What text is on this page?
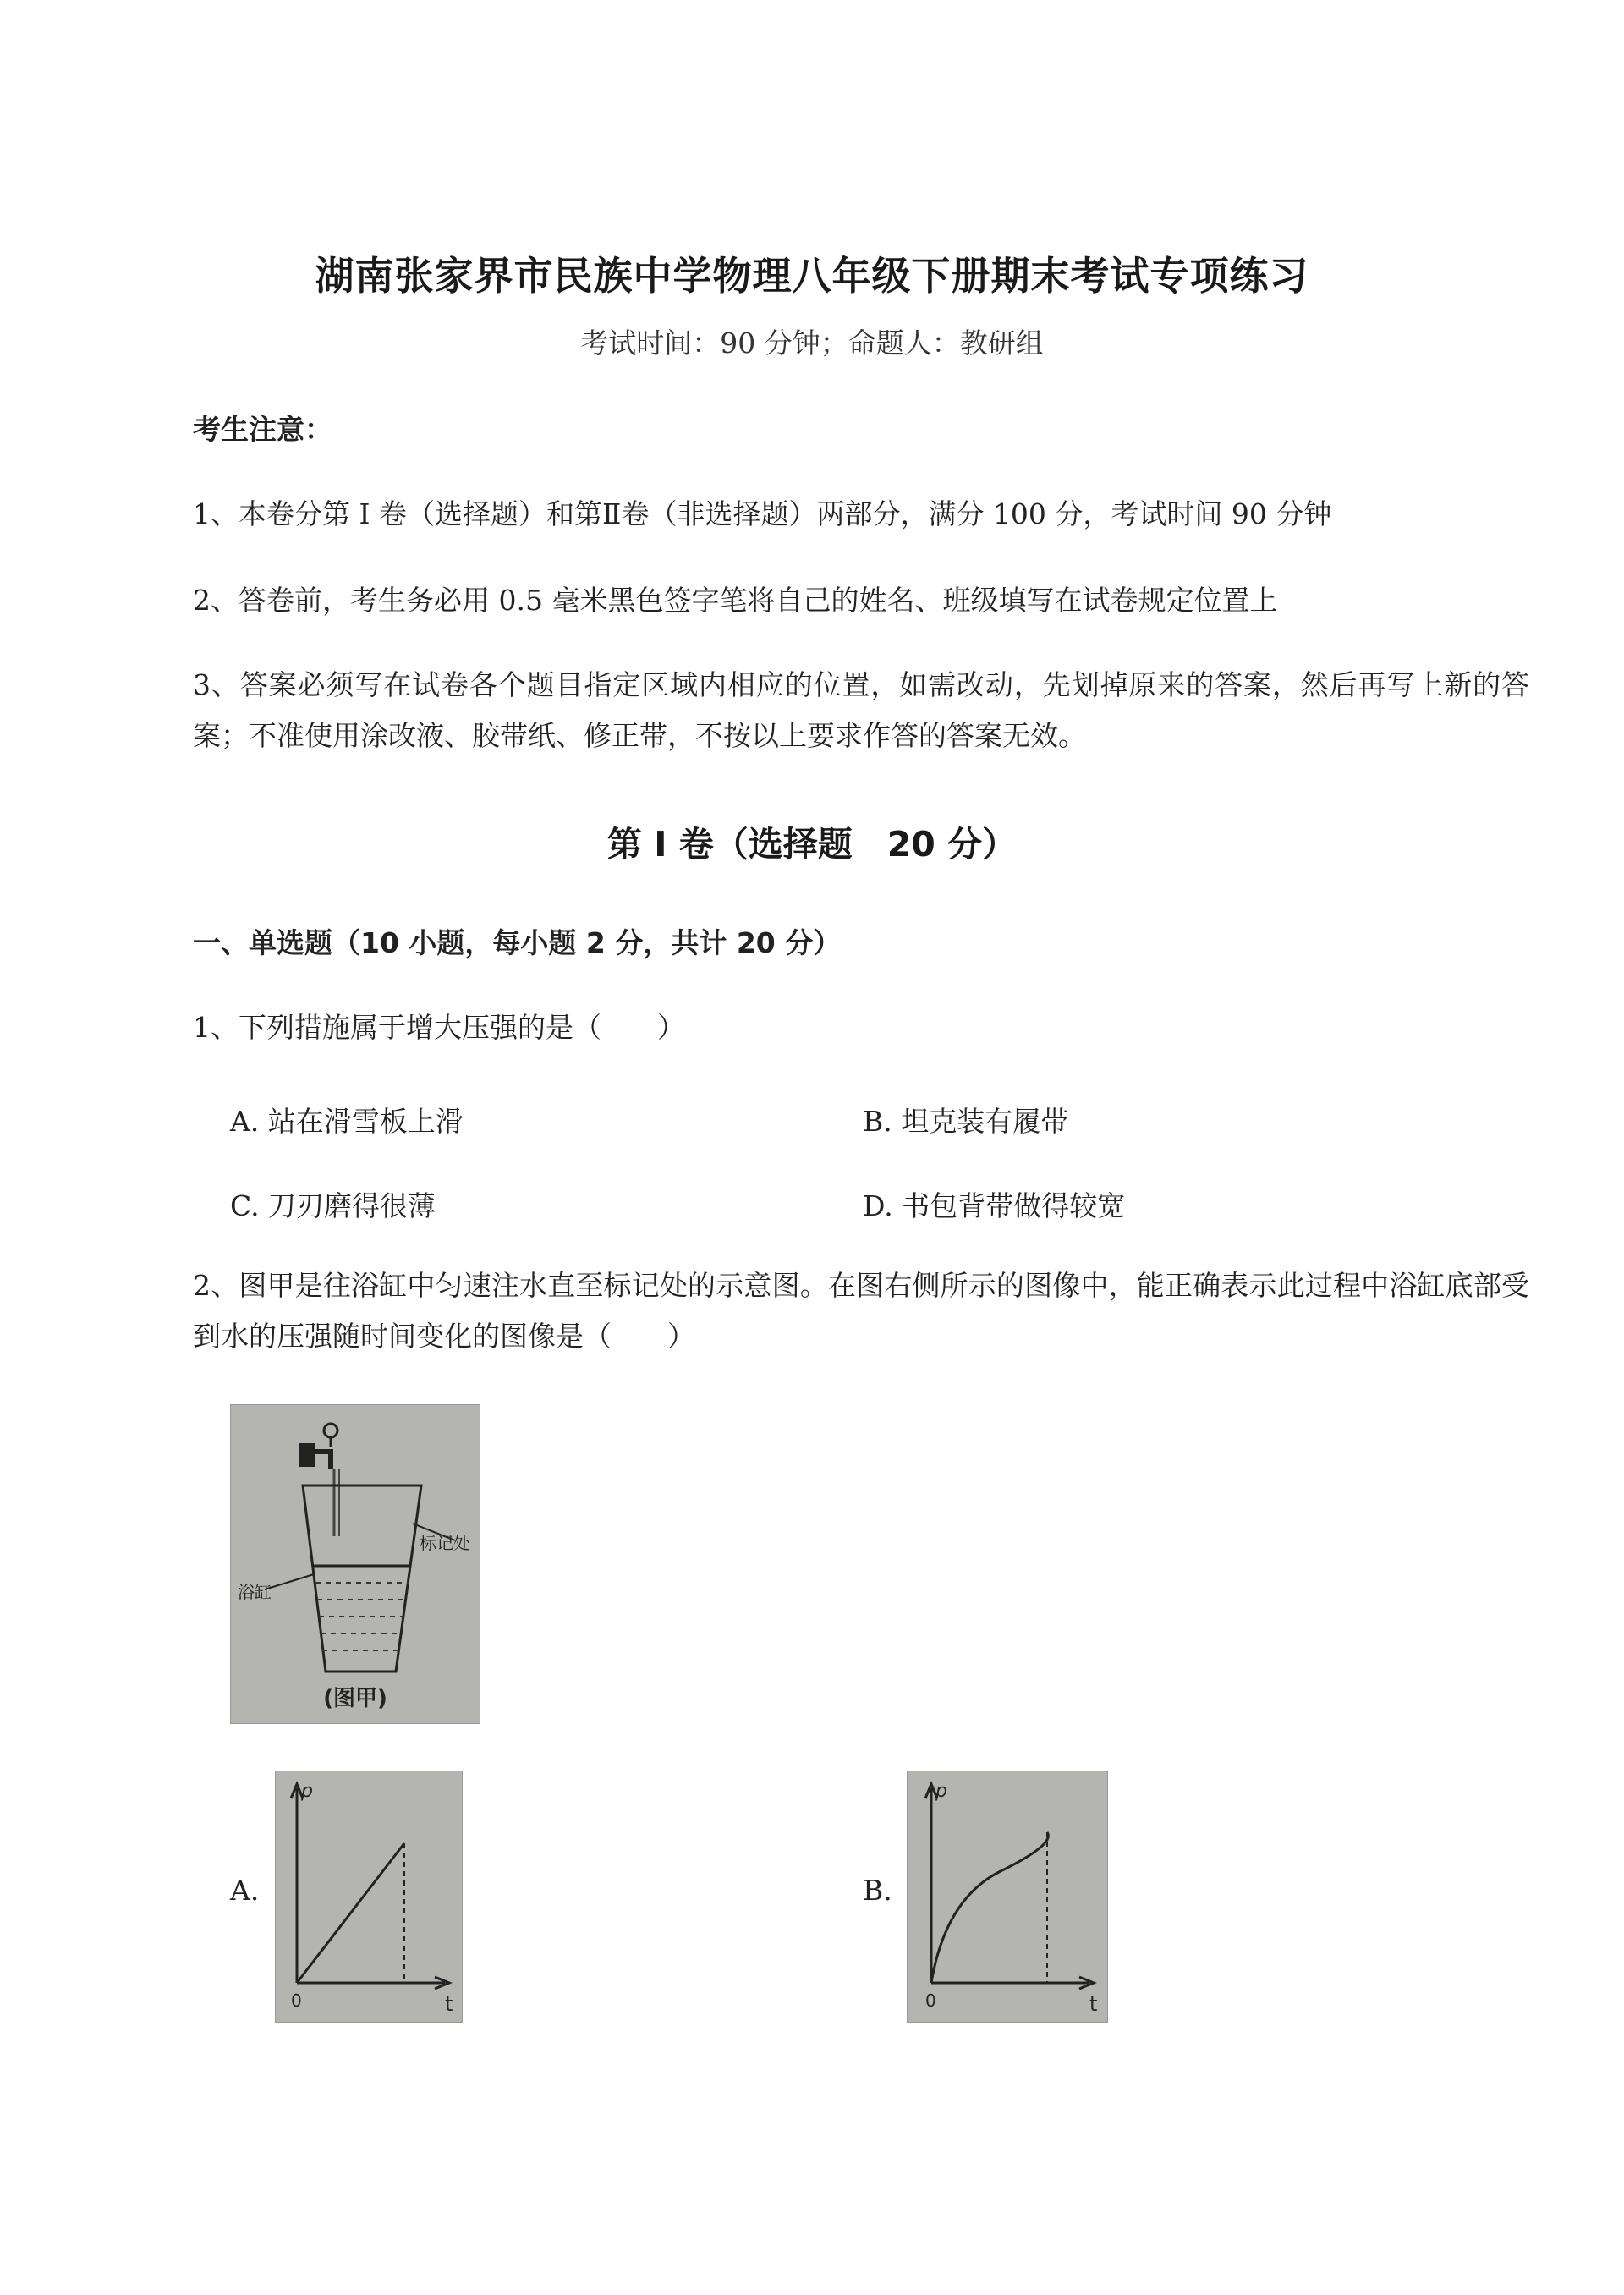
湖南张家界市民族中学物理八年级下册期末考试专项练习
考试时间：90 分钟；命题人：教研组
考生注意：
1、本卷分第 I 卷（选择题）和第Ⅱ卷（非选择题）两部分，满分 100 分，考试时间 90 分钟
2、答卷前，考生务必用 0.5 毫米黑色签字笔将自己的姓名、班级填写在试卷规定位置上
3、答案必须写在试卷各个题目指定区域内相应的位置，如需改动，先划掉原来的答案，然后再写上新的答案；不准使用涂改液、胶带纸、修正带，不按以上要求作答的答案无效。
第 I 卷（选择题　20 分）
一、单选题（10 小题，每小题 2 分，共计 20 分）
1、下列措施属于增大压强的是（　　）
A. 站在滑雪板上滑	B. 坦克装有履带
C. 刀刃磨得很薄	D. 书包背带做得较宽
2、图甲是往浴缸中匀速注水直至标记处的示意图。在图右侧所示的图像中，能正确表示此过程中浴缸底部受到水的压强随时间变化的图像是（　　）
标记处
浴缸
(图甲)
A.
p
t
0
B.
p
t
0
